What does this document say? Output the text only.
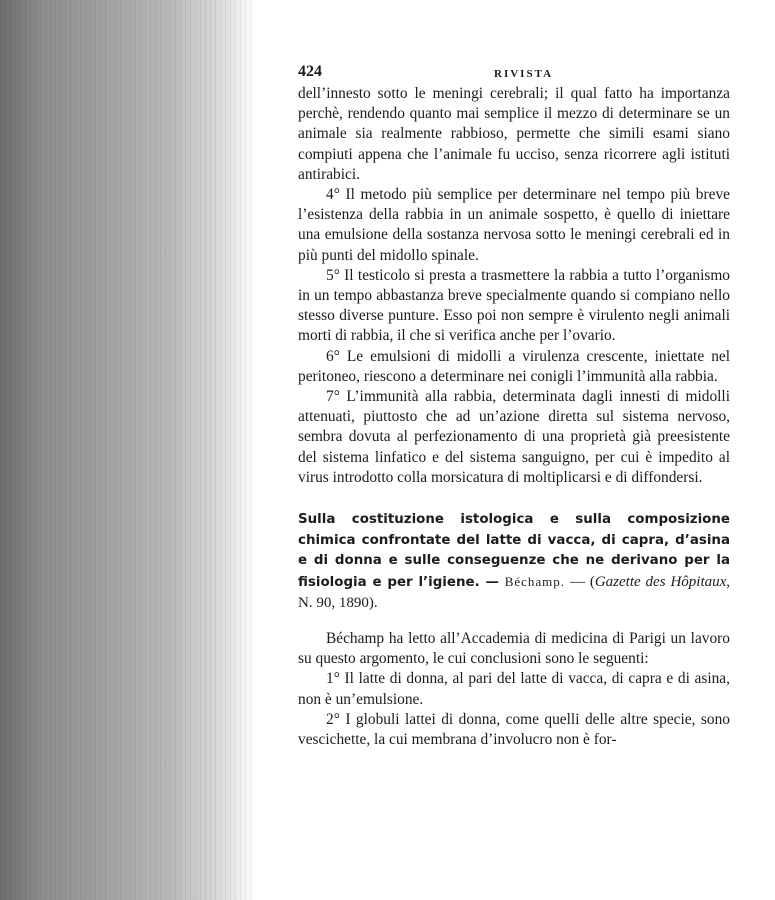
424	RIVISTA

dell’innesto sotto le meningi cerebrali; il qual fatto ha importanza perchè, rendendo quanto mai semplice il mezzo di determinare se un animale sia realmente rabbioso, permette che simili esami siano compiuti appena che l’animale fu ucciso, senza ricorrere agli istituti antirabici.

4° Il metodo più semplice per determinare nel tempo più breve l’esistenza della rabbia in un animale sospetto, è quello di iniettare una emulsione della sostanza nervosa sotto le meningi cerebrali ed in più punti del midollo spinale.

5° Il testicolo si presta a trasmettere la rabbia a tutto l’organismo in un tempo abbastanza breve specialmente quando si compiano nello stesso diverse punture. Esso poi non sempre è virulento negli animali morti di rabbia, il che si verifica anche per l’ovario.

6° Le emulsioni di midolli a virulenza crescente, iniettate nel peritoneo, riescono a determinare nei conigli l’immunità alla rabbia.

7° L’immunità alla rabbia, determinata dagli innesti di midolli attenuati, piuttosto che ad un’azione diretta sul sistema nervoso, sembra dovuta al perfezionamento di una proprietà già preesistente del sistema linfatico e del sistema sanguigno, per cui è impedito al virus introdotto colla morsicatura di moltiplicarsi e di diffondersi.

Sulla costituzione istologica e sulla composizione chimica confrontate del latte di vacca, di capra, d’asina e di donna e sulle conseguenze che ne derivano per la fisiologia e per l’igiene. — Béchamp. — (Gazette des Hôpitaux, N. 90, 1890).

Béchamp ha letto all’Accademia di medicina di Parigi un lavoro su questo argomento, le cui conclusioni sono le seguenti:

1° Il latte di donna, al pari del latte di vacca, di capra e di asina, non è un’emulsione.

2° I globuli lattei di donna, come quelli delle altre specie, sono vescichette, la cui membrana d’involucro non è for-
